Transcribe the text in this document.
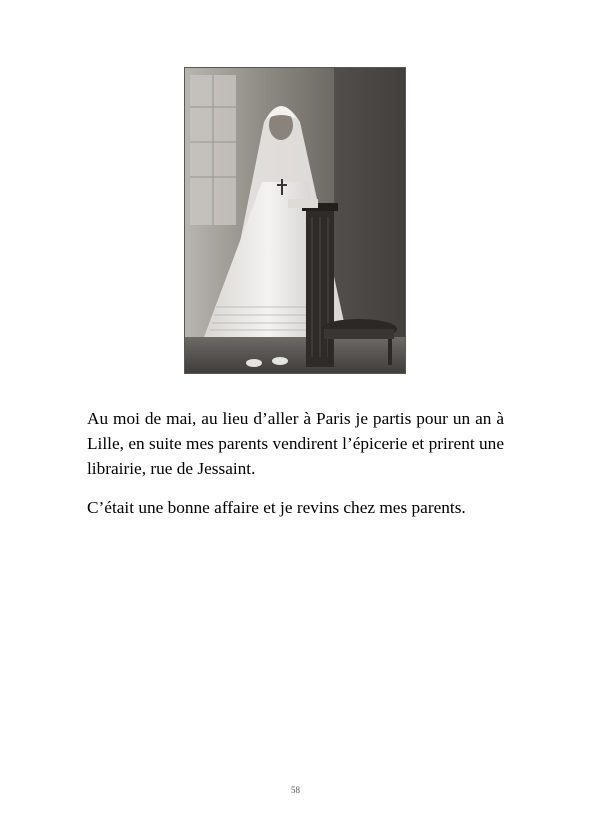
Au moi de mai, au lieu d’aller à Paris je partis pour un an à Lille, en suite mes parents vendirent l’épicerie et prirent une librairie, rue de Jessaint.

C’était une bonne affaire et je revins chez mes parents.

58
